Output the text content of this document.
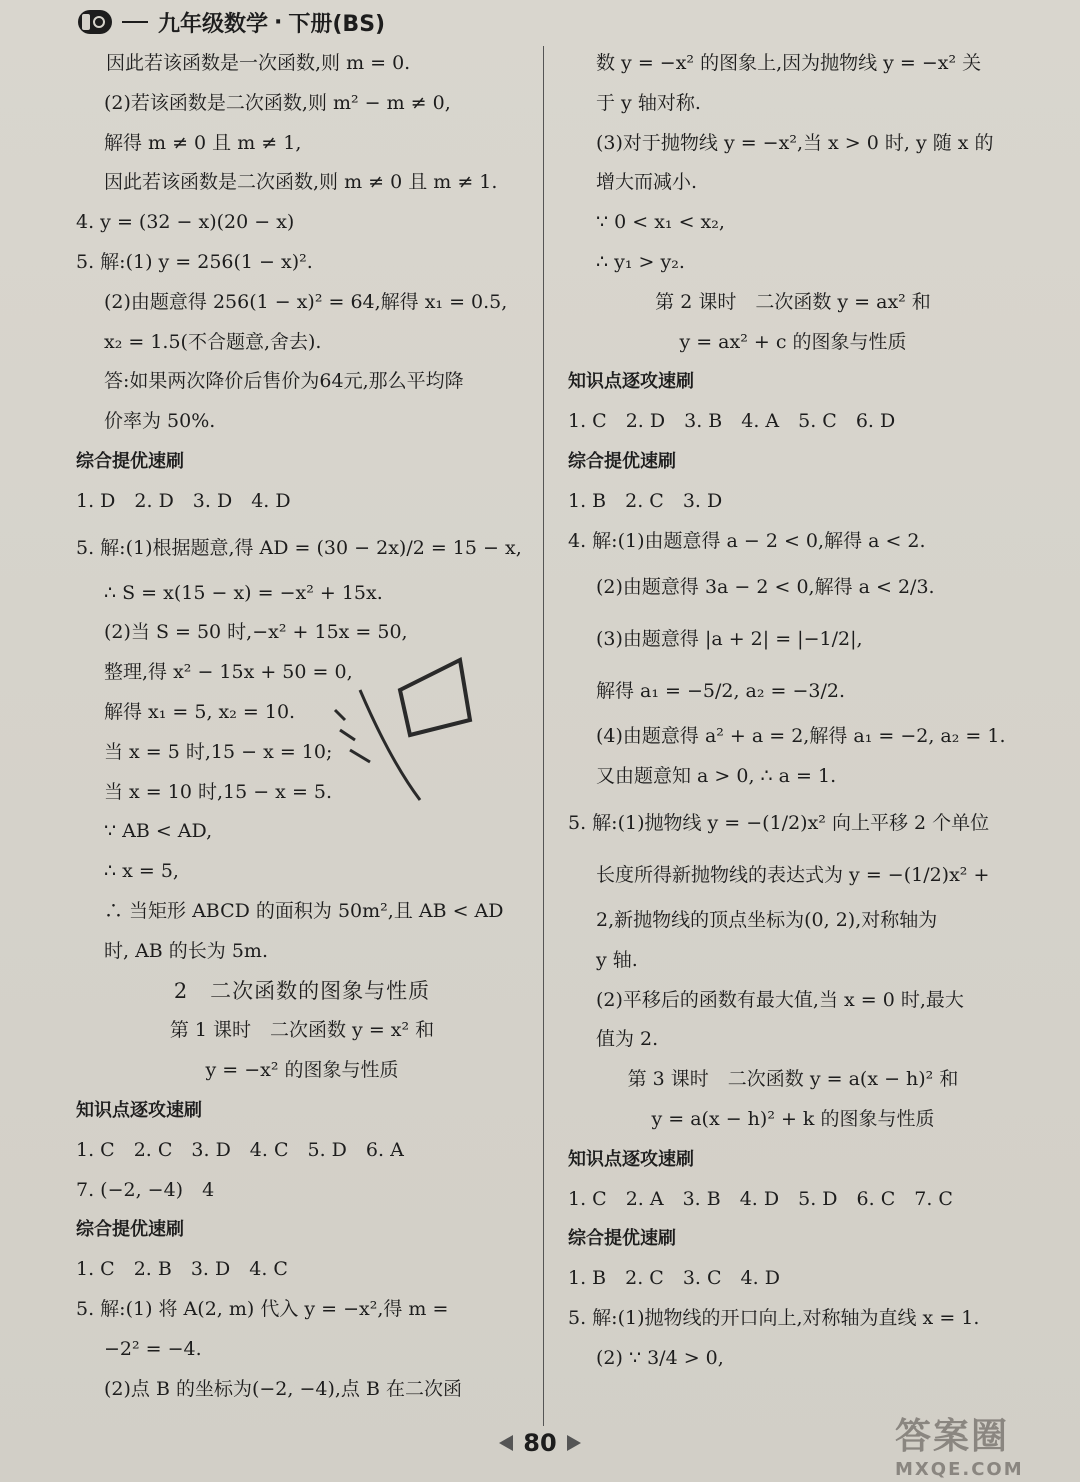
九年级数学 · 下册(BS)
因此若该函数是一次函数,则 m = 0.
(2)若该函数是二次函数,则 m² − m ≠ 0,
解得 m ≠ 0 且 m ≠ 1,
因此若该函数是二次函数,则 m ≠ 0 且 m ≠ 1.
4. y = (32 − x)(20 − x)
5. 解:(1) y = 256(1 − x)².
(2)由题意得 256(1 − x)² = 64,解得 x₁ = 0.5,
x₂ = 1.5(不合题意,舍去).
答:如果两次降价后售价为64元,那么平均降
价率为 50%.
综合提优速刷
1. D　2. D　3. D　4. D
5. 解:(1)根据题意,得 AD = (30 − 2x)/2 = 15 − x,
∴ S = x(15 − x) = −x² + 15x.
(2)当 S = 50 时,−x² + 15x = 50,
整理,得 x² − 15x + 50 = 0,
解得 x₁ = 5, x₂ = 10.
当 x = 5 时,15 − x = 10;
当 x = 10 时,15 − x = 5.
∵ AB < AD,
∴ x = 5,
∴ 当矩形 ABCD 的面积为 50m²,且 AB < AD
时, AB 的长为 5m.
2　二次函数的图象与性质
第 1 课时　二次函数 y = x² 和
y = −x² 的图象与性质
知识点逐攻速刷
1. C　2. C　3. D　4. C　5. D　6. A
7. (−2, −4)　4
综合提优速刷
1. C　2. B　3. D　4. C
5. 解:(1) 将 A(2, m) 代入 y = −x²,得 m =
−2² = −4.
(2)点 B 的坐标为(−2, −4),点 B 在二次函
数 y = −x² 的图象上,因为抛物线 y = −x² 关
于 y 轴对称.
(3)对于抛物线 y = −x²,当 x > 0 时, y 随 x 的
增大而减小.
∵ 0 < x₁ < x₂,
∴ y₁ > y₂.
第 2 课时　二次函数 y = ax² 和
y = ax² + c 的图象与性质
知识点逐攻速刷
1. C　2. D　3. B　4. A　5. C　6. D
综合提优速刷
1. B　2. C　3. D
4. 解:(1)由题意得 a − 2 < 0,解得 a < 2.
(2)由题意得 3a − 2 < 0,解得 a < 2/3.
(3)由题意得 |a + 2| = |−1/2|,
解得 a₁ = −5/2, a₂ = −3/2.
(4)由题意得 a² + a = 2,解得 a₁ = −2, a₂ = 1.
又由题意知 a > 0, ∴ a = 1.
5. 解:(1)抛物线 y = −(1/2)x² 向上平移 2 个单位
长度所得新抛物线的表达式为 y = −(1/2)x² +
2,新抛物线的顶点坐标为(0, 2),对称轴为
y 轴.
(2)平移后的函数有最大值,当 x = 0 时,最大
值为 2.
第 3 课时　二次函数 y = a(x − h)² 和
y = a(x − h)² + k 的图象与性质
知识点逐攻速刷
1. C　2. A　3. B　4. D　5. D　6. C　7. C
综合提优速刷
1. B　2. C　3. C　4. D
5. 解:(1)抛物线的开口向上,对称轴为直线 x = 1.
(2) ∵ 3/4 > 0,
80	答案圈
MXQE.COM
